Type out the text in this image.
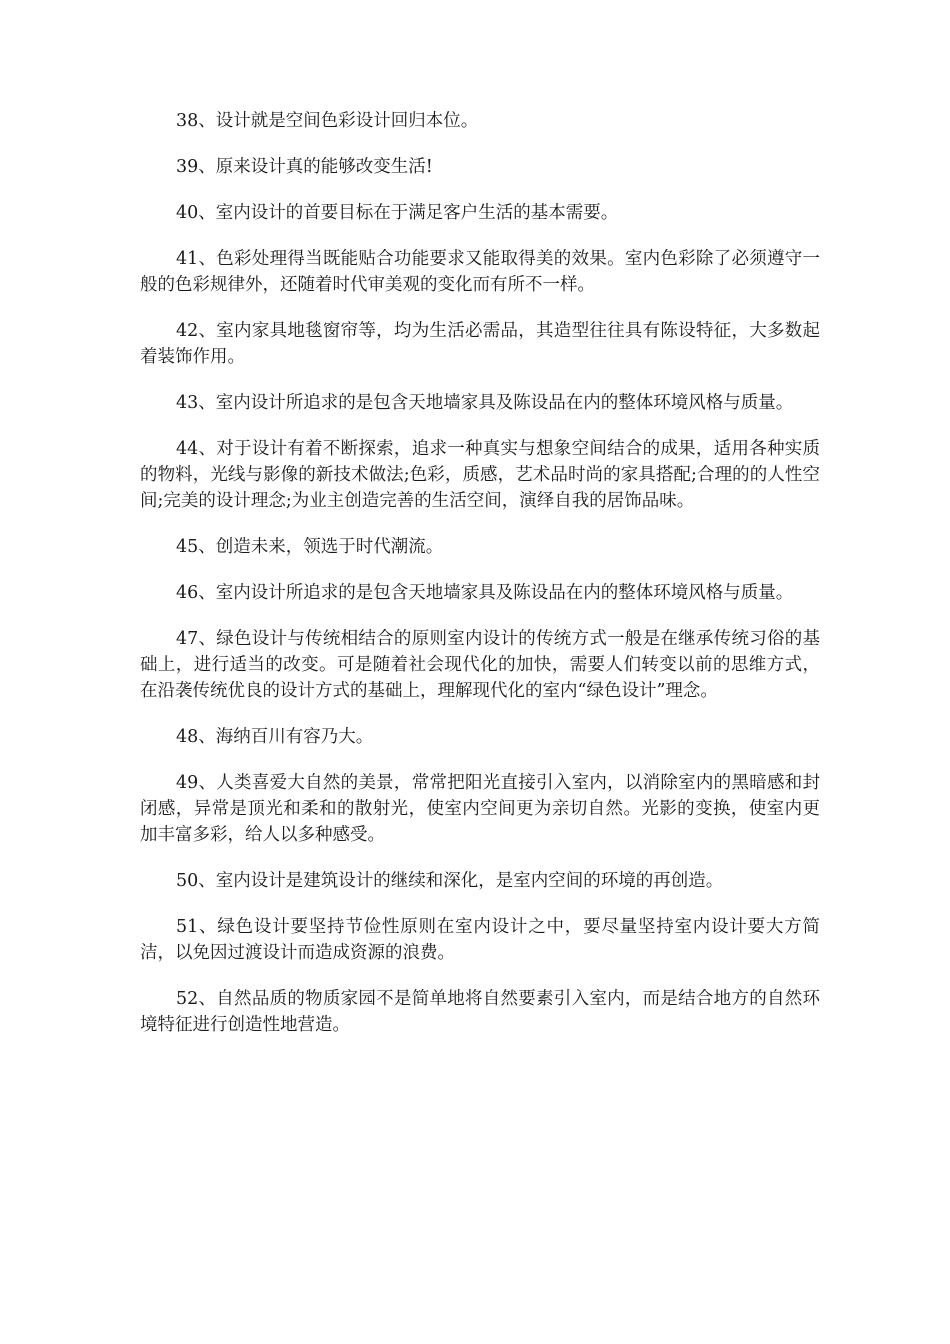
38、设计就是空间色彩设计回归本位。

39、原来设计真的能够改变生活!

40、室内设计的首要目标在于满足客户生活的基本需要。

41、色彩处理得当既能贴合功能要求又能取得美的效果。室内色彩除了必须遵守一般的色彩规律外，还随着时代审美观的变化而有所不一样。

42、室内家具地毯窗帘等，均为生活必需品，其造型往往具有陈设特征，大多数起着装饰作用。

43、室内设计所追求的是包含天地墙家具及陈设品在内的整体环境风格与质量。

44、对于设计有着不断探索，追求一种真实与想象空间结合的成果，适用各种实质的物料，光线与影像的新技术做法;色彩，质感，艺术品时尚的家具搭配;合理的的人性空间;完美的设计理念;为业主创造完善的生活空间，演绎自我的居饰品味。

45、创造未来，领选于时代潮流。

46、室内设计所追求的是包含天地墙家具及陈设品在内的整体环境风格与质量。

47、绿色设计与传统相结合的原则室内设计的传统方式一般是在继承传统习俗的基础上，进行适当的改变。可是随着社会现代化的加快，需要人们转变以前的思维方式，在沿袭传统优良的设计方式的基础上，理解现代化的室内“绿色设计”理念。

48、海纳百川有容乃大。

49、人类喜爱大自然的美景，常常把阳光直接引入室内，以消除室内的黑暗感和封闭感，异常是顶光和柔和的散射光，使室内空间更为亲切自然。光影的变换，使室内更加丰富多彩，给人以多种感受。

50、室内设计是建筑设计的继续和深化，是室内空间的环境的再创造。

51、绿色设计要坚持节俭性原则在室内设计之中，要尽量坚持室内设计要大方简洁，以免因过渡设计而造成资源的浪费。

52、自然品质的物质家园不是简单地将自然要素引入室内，而是结合地方的自然环境特征进行创造性地营造。
